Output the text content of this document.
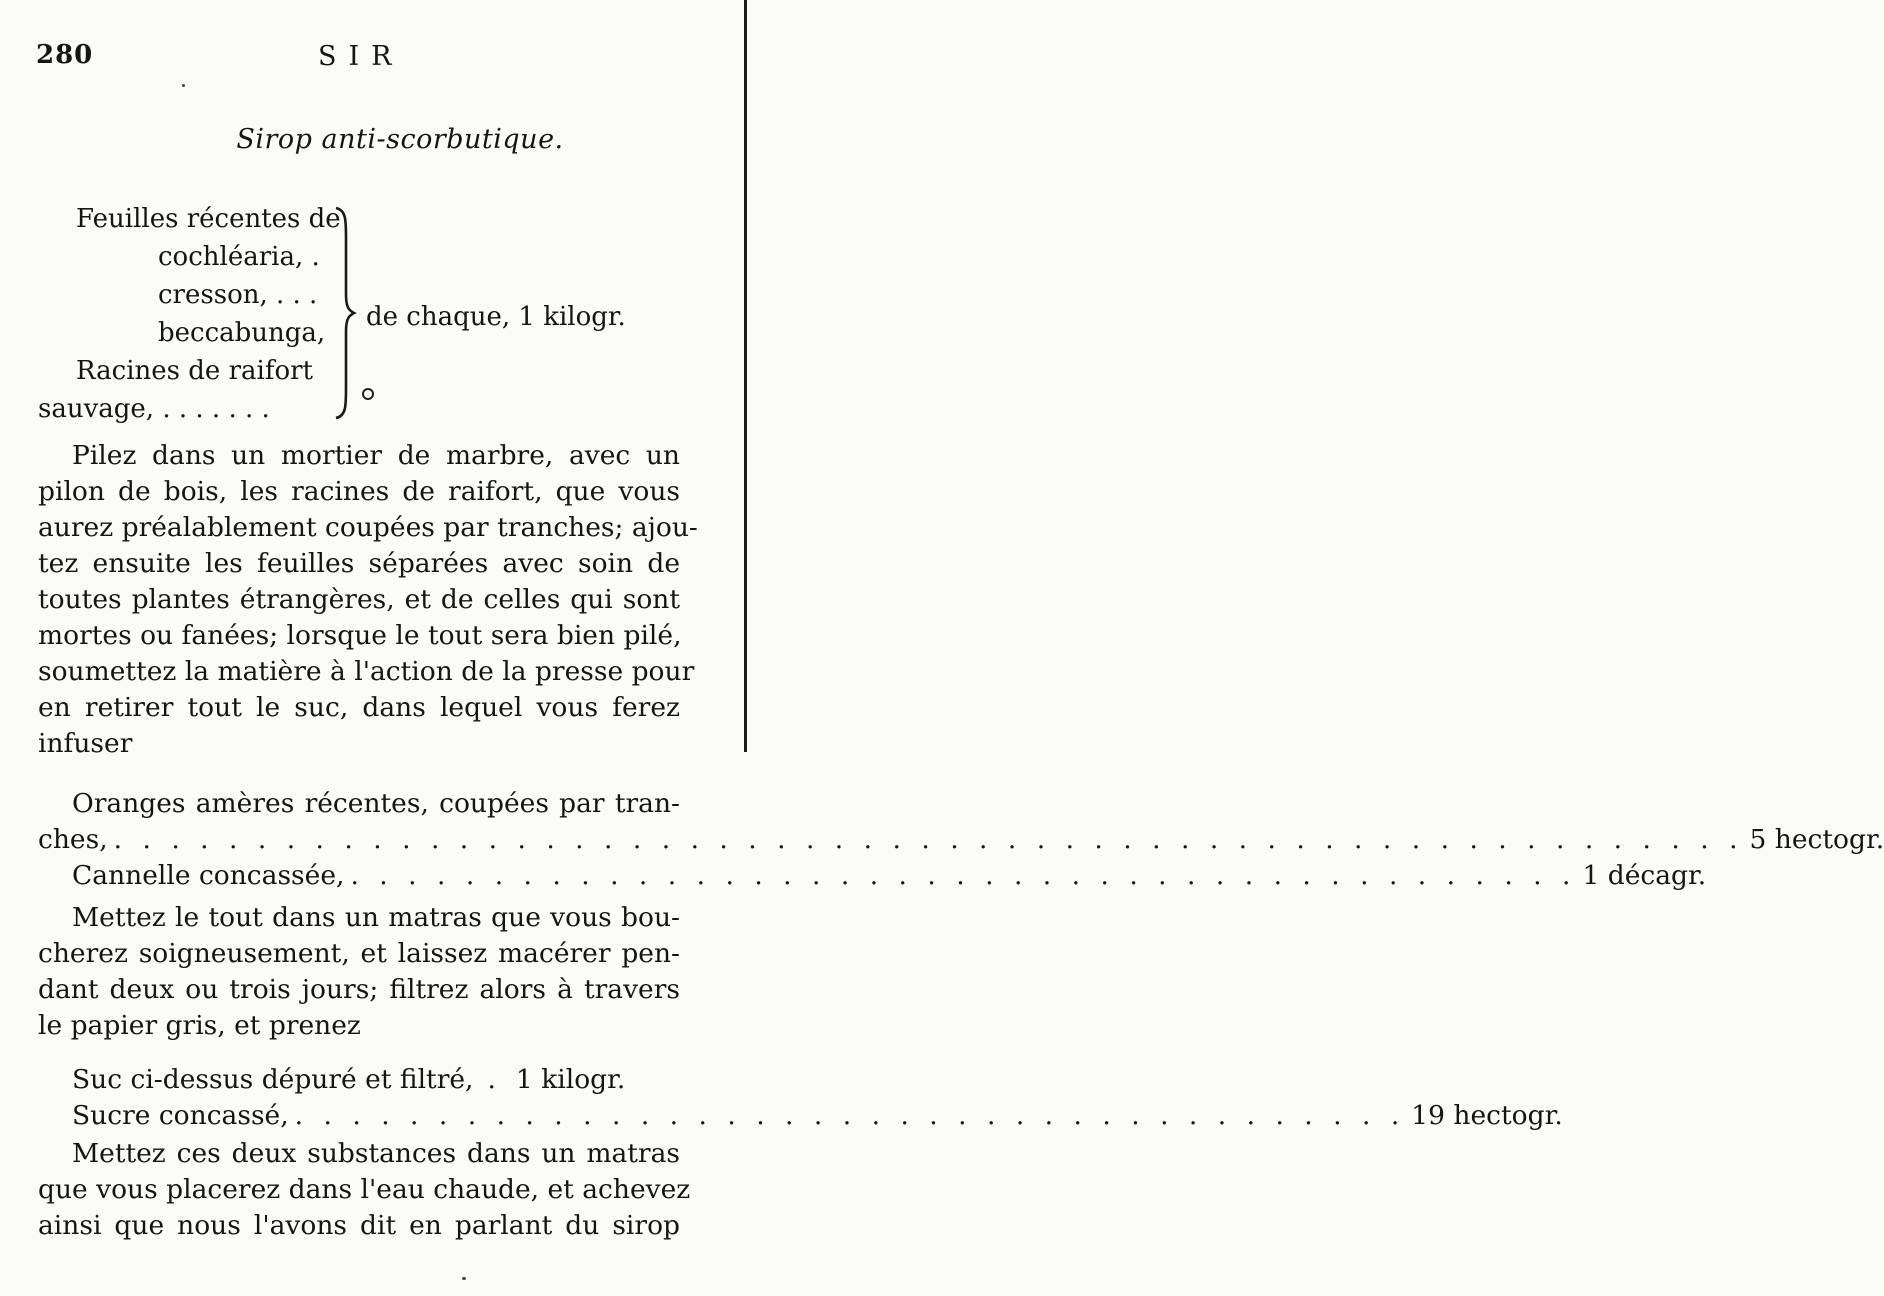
280	SIR
Sirop anti-scorbutique.
Feuilles récentes de
cochléaria, .
cresson, . . .
beccabunga,
Racines de raifort
sauvage, . . . . . . .
de chaque, 1 kilogr.
Pilez dans un mortier de marbre, avec un
pilon de bois, les racines de raifort, que vous
aurez préalablement coupées par tranches; ajou-
tez ensuite les feuilles séparées avec soin de
toutes plantes étrangères, et de celles qui sont
mortes ou fanées; lorsque le tout sera bien pilé,
soumettez la matière à l'action de la presse pour
en retirer tout le suc, dans lequel vous ferez
infuser
Oranges amères récentes, coupées par tran-
ches, . . . . . . . . . . . . . . . . . . . . . . . . . . . . . . . . . . . . . . . . . . . . . . . . . . . . . . . . . 5 hectogr.
Cannelle concassée, . . . . . . . . . . . . . . . . . . . . . . . . . . . . . . . . . . . . . . . . . . . 1 décagr.
Mettez le tout dans un matras que vous bou-
cherez soigneusement, et laissez macérer pen-
dant deux ou trois jours; filtrez alors à travers
le papier gris, et prenez
Suc ci-dessus dépuré et filtré, . 1 kilogr.
Sucre concassé, . . . . . . . . . . . . . . . . . . . . . . . . . . . . . . . . . . . . . . . 19 hectogr.
Mettez ces deux substances dans un matras
que vous placerez dans l'eau chaude, et achevez
ainsi que nous l'avons dit en parlant du sirop
